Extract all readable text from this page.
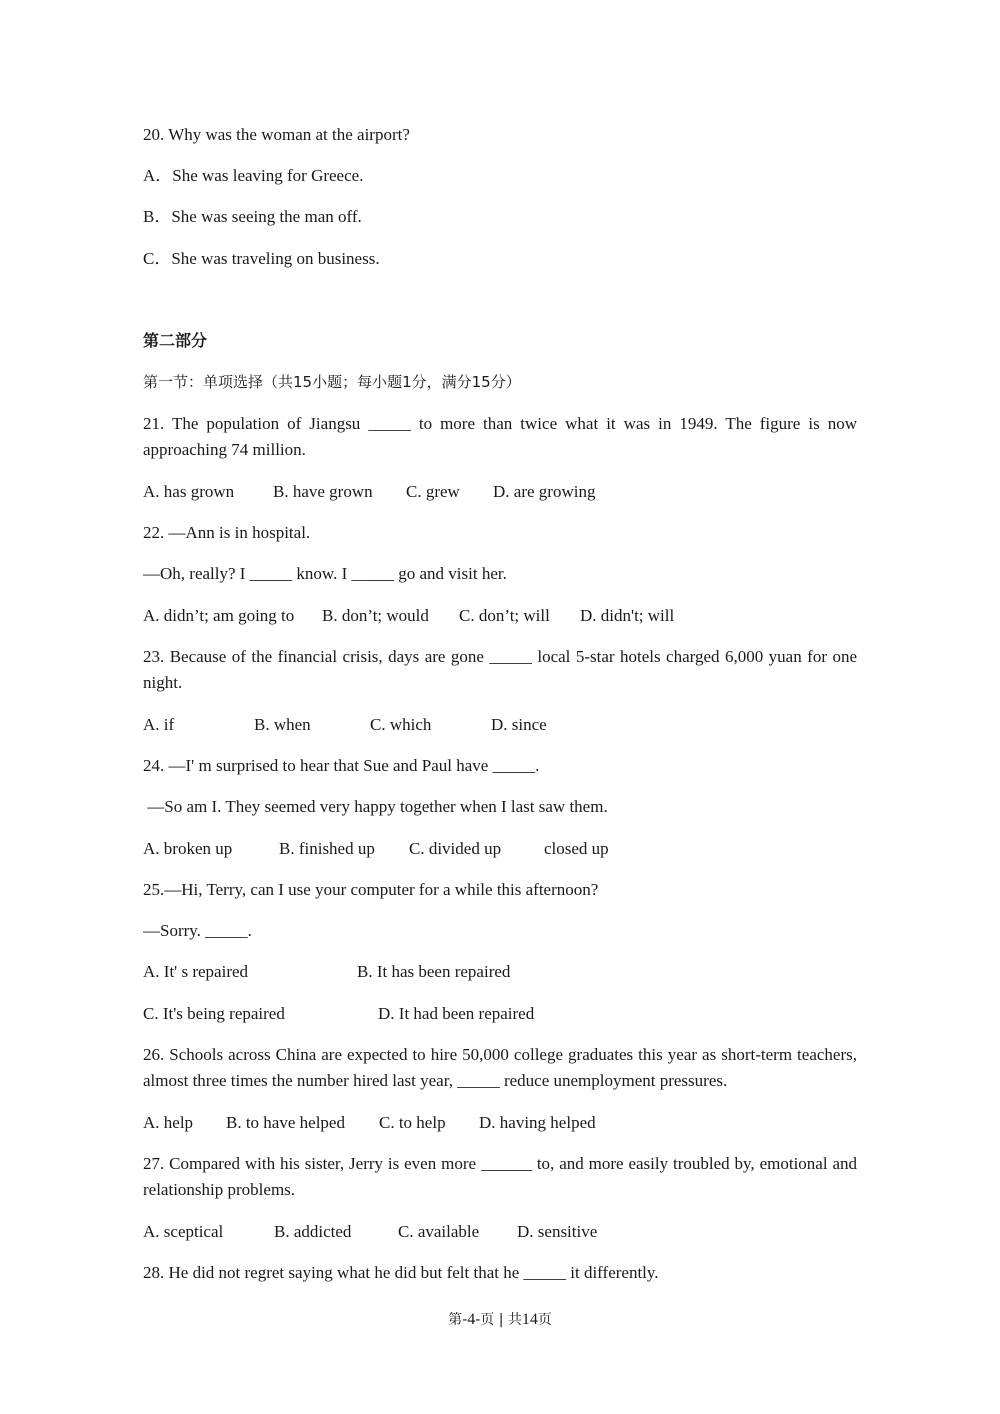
20. Why was the woman at the airport?
A．She was leaving for Greece.
B．She was seeing the man off.
C．She was traveling on business.
第二部分
第一节：单项选择（共15小题；每小题1分，满分15分）
21. The population of Jiangsu _____ to more than twice what it was in 1949. The figure is now approaching 74 million.
A. has grown B. have grown C. grew D. are growing
22. —Ann is in hospital.
—Oh, really? I _____ know. I _____ go and visit her.
A. didn’t; am going to B. don’t; would C. don’t; will D. didn't; will
23. Because of the financial crisis, days are gone _____ local 5-star hotels charged 6,000 yuan for one night.
A. if	B. when	C. which	D. since
24. —I' m surprised to hear that Sue and Paul have _____.
—So am I. They seemed very happy together when I last saw them.
A. broken up	B. finished up C. divided up	closed up
25.—Hi, Terry, can I use your computer for a while this afternoon?
—Sorry. _____.
A. It' s repaired	B. It has been repaired
C. It's being repaired	D. It had been repaired
26. Schools across China are expected to hire 50,000 college graduates this year as short-term teachers, almost three times the number hired last year, _____ reduce unemployment pressures.
A. help B. to have helped C. to help D. having helped
27. Compared with his sister, Jerry is even more ______ to, and more easily troubled by, emotional and relationship problems.
A. sceptical	B. addicted	C. available D. sensitive
28. He did not regret saying what he did but felt that he _____ it differently.
第-4-页 | 共14页
